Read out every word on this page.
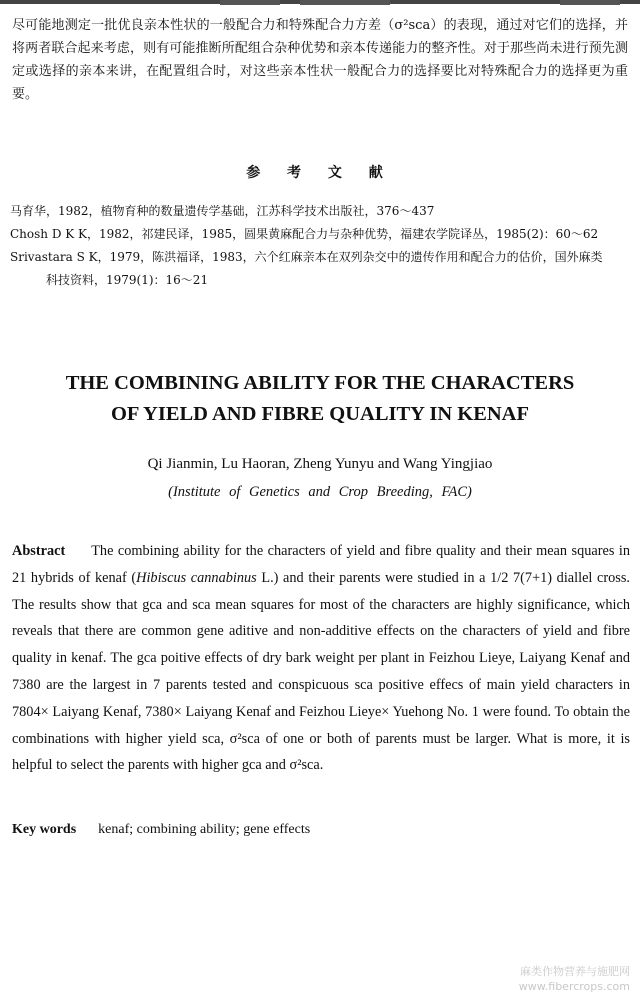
尽可能地测定一批优良亲本性状的一般配合力和特殊配合力方差（σ²sca）的表现，通过对它们的选择，并将两者联合起来考虑，则有可能推断所配组合杂种优势和亲本传递能力的整齐性。对于那些尚未进行预先测定或选择的亲本来讲，在配置组合时，对这些亲本性状一般配合力的选择要比对特殊配合力的选择更为重要。

参 考 文 献
马育华，1982，植物育种的数量遗传学基础，江苏科学技术出版社，376～437
Chosh D K K，1982，祁建民译，1985，圆果黄麻配合力与杂种优势，福建农学院译丛，1985(2)：60～62
Srivastara S K，1979，陈洪福译，1983，六个红麻亲本在双列杂交中的遗传作用和配合力的估价，国外麻类
科技资料，1979(1)：16～21
THE COMBINING ABILITY FOR THE CHARACTERS
OF YIELD AND FIBRE QUALITY IN KENAF

Qi Jianmin, Lu Haoran, Zheng Yunyu and Wang Yingjiao

(Institute of Genetics and Crop Breeding, FAC)

Abstract The combining ability for the characters of yield and fibre quality and their mean squares in 21 hybrids of kenaf (Hibiscus cannabinus L.) and their parents were studied in a 1/2 7(7+1) diallel cross. The results show that gca and sca mean squares for most of the characters are highly significance, which reveals that there are common gene aditive and non-additive effects on the characters of yield and fibre quality in kenaf. The gca poitive effects of dry bark weight per plant in Feizhou Lieye, Laiyang Kenaf and 7380 are the largest in 7 parents tested and conspicuous sca positive effecs of main yield characters in 7804× Laiyang Kenaf, 7380× Laiyang Kenaf and Feizhou Lieye× Yuehong No. 1 were found. To obtain the combinations with higher yield sca, σ²sca of one or both of parents must be larger. What is more, it is helpful to select the parents with higher gca and σ²sca.

Key words kenaf; combining ability; gene effects

麻类作物营养与施肥网
www.fibercrops.com
